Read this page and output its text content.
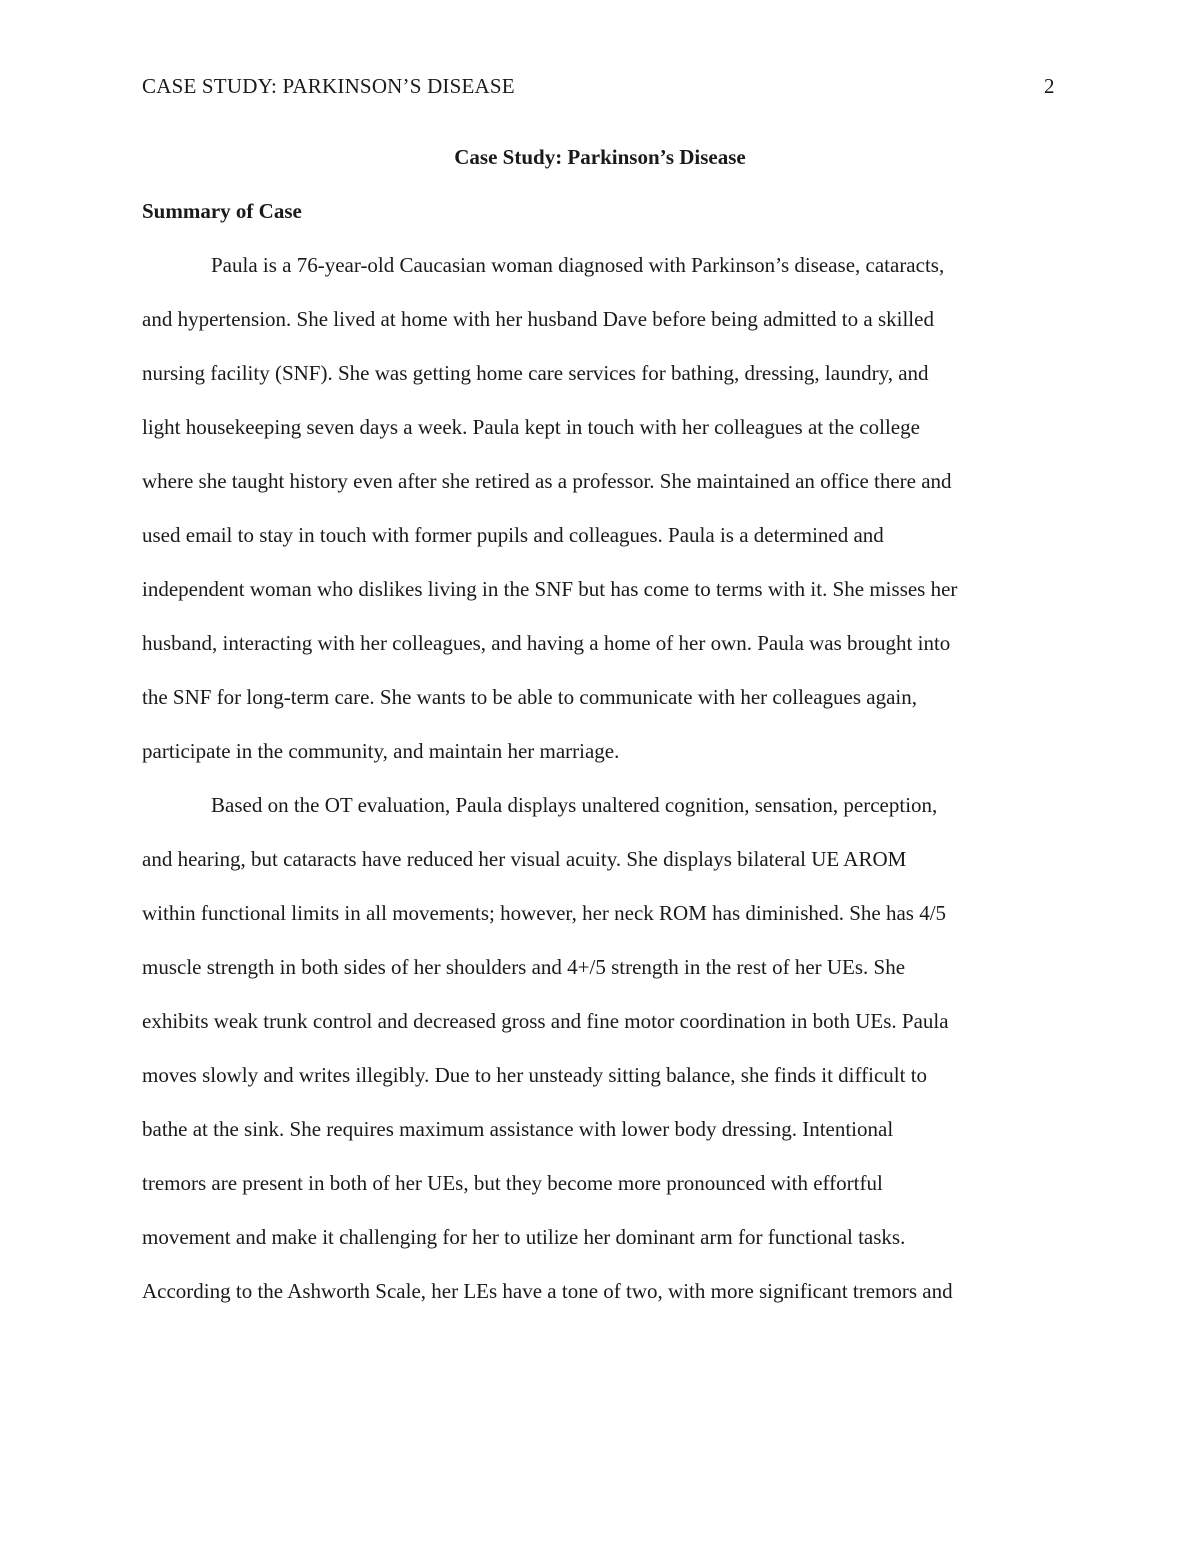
CASE STUDY: PARKINSON’S DISEASE	2
Case Study: Parkinson’s Disease
Summary of Case
Paula is a 76-year-old Caucasian woman diagnosed with Parkinson’s disease, cataracts,
and hypertension. She lived at home with her husband Dave before being admitted to a skilled
nursing facility (SNF). She was getting home care services for bathing, dressing, laundry, and
light housekeeping seven days a week. Paula kept in touch with her colleagues at the college
where she taught history even after she retired as a professor. She maintained an office there and
used email to stay in touch with former pupils and colleagues. Paula is a determined and
independent woman who dislikes living in the SNF but has come to terms with it. She misses her
husband, interacting with her colleagues, and having a home of her own. Paula was brought into
the SNF for long-term care. She wants to be able to communicate with her colleagues again,
participate in the community, and maintain her marriage.
Based on the OT evaluation, Paula displays unaltered cognition, sensation, perception,
and hearing, but cataracts have reduced her visual acuity. She displays bilateral UE AROM
within functional limits in all movements; however, her neck ROM has diminished. She has 4/5
muscle strength in both sides of her shoulders and 4+/5 strength in the rest of her UEs. She
exhibits weak trunk control and decreased gross and fine motor coordination in both UEs. Paula
moves slowly and writes illegibly. Due to her unsteady sitting balance, she finds it difficult to
bathe at the sink. She requires maximum assistance with lower body dressing. Intentional
tremors are present in both of her UEs, but they become more pronounced with effortful
movement and make it challenging for her to utilize her dominant arm for functional tasks.
According to the Ashworth Scale, her LEs have a tone of two, with more significant tremors and
